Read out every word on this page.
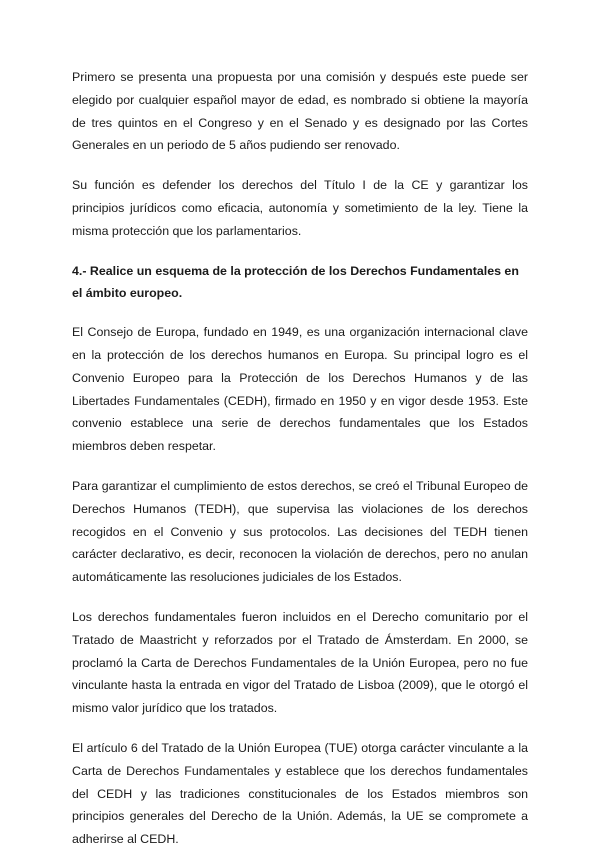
Primero se presenta una propuesta por una comisión y después este puede ser elegido por cualquier español mayor de edad, es nombrado si obtiene la mayoría de tres quintos en el Congreso y en el Senado y es designado por las Cortes Generales en un periodo de 5 años pudiendo ser renovado.

Su función es defender los derechos del Título I de la CE y garantizar los principios jurídicos como eficacia, autonomía y sometimiento de la ley. Tiene la misma protección que los parlamentarios.

4.- Realice un esquema de la protección de los Derechos Fundamentales en el ámbito europeo.

El Consejo de Europa, fundado en 1949, es una organización internacional clave en la protección de los derechos humanos en Europa. Su principal logro es el Convenio Europeo para la Protección de los Derechos Humanos y de las Libertades Fundamentales (CEDH), firmado en 1950 y en vigor desde 1953. Este convenio establece una serie de derechos fundamentales que los Estados miembros deben respetar.

Para garantizar el cumplimiento de estos derechos, se creó el Tribunal Europeo de Derechos Humanos (TEDH), que supervisa las violaciones de los derechos recogidos en el Convenio y sus protocolos. Las decisiones del TEDH tienen carácter declarativo, es decir, reconocen la violación de derechos, pero no anulan automáticamente las resoluciones judiciales de los Estados.

Los derechos fundamentales fueron incluidos en el Derecho comunitario por el Tratado de Maastricht y reforzados por el Tratado de Ámsterdam. En 2000, se proclamó la Carta de Derechos Fundamentales de la Unión Europea, pero no fue vinculante hasta la entrada en vigor del Tratado de Lisboa (2009), que le otorgó el mismo valor jurídico que los tratados.

El artículo 6 del Tratado de la Unión Europea (TUE) otorga carácter vinculante a la Carta de Derechos Fundamentales y establece que los derechos fundamentales del CEDH y las tradiciones constitucionales de los Estados miembros son principios generales del Derecho de la Unión. Además, la UE se compromete a adherirse al CEDH.
